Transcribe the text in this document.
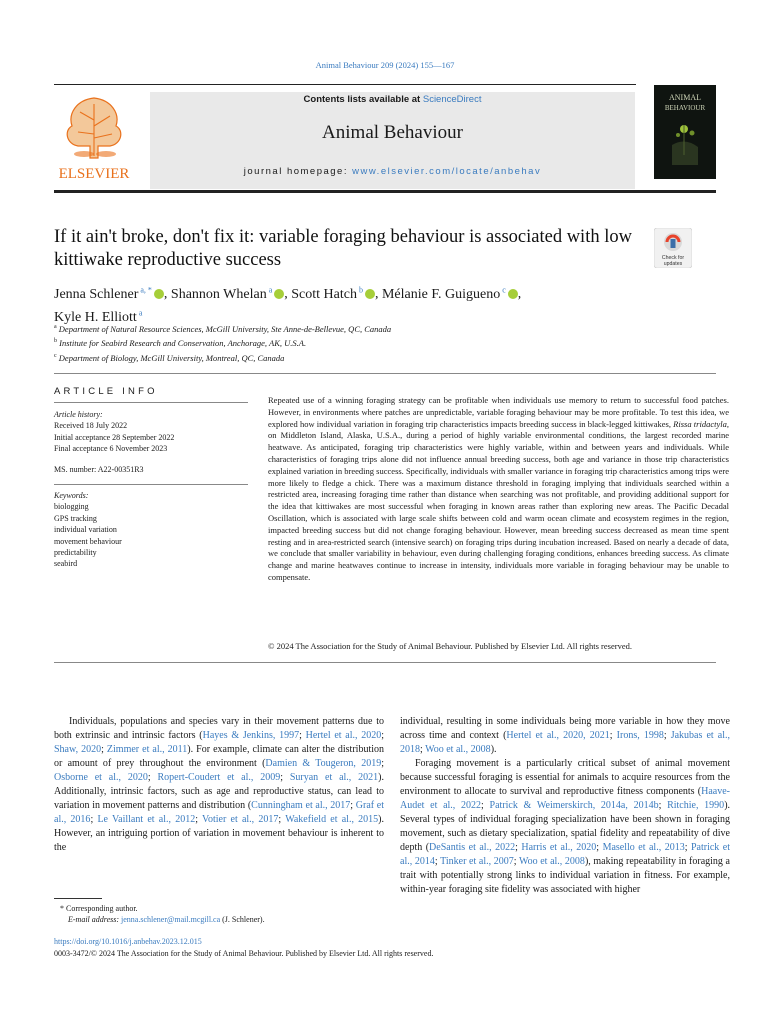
Animal Behaviour 209 (2024) 155—167
ELSEVIER
Contents lists available at ScienceDirect
Animal Behaviour
journal homepage: www.elsevier.com/locate/anbehav
ANIMAL
BEHAVIOUR
If it ain't broke, don't fix it: variable foraging behaviour is associated with low kittiwake reproductive success	Check for updates
Jenna Schlener $^{a, *}$ , Shannon Whelan $^a$ , Scott Hatch $^b$ , Mélanie F. Guigueno $^c$ ,
Kyle H. Elliott $^a$
$^a$ Department of Natural Resource Sciences, McGill University, Ste Anne-de-Bellevue, QC, Canada
$^b$ Institute for Seabird Research and Conservation, Anchorage, AK, U.S.A.
$^c$ Department of Biology, McGill University, Montreal, QC, Canada
ARTICLE INFO
Article history:
Received 18 July 2022
Initial acceptance 28 September 2022
Final acceptance 6 November 2023
MS. number: A22-00351R3
Keywords:
biologging
GPS tracking
individual variation
movement behaviour
predictability
seabird
Repeated use of a winning foraging strategy can be profitable when individuals use memory to return to successful food patches. However, in environments where patches are unpredictable, variable foraging behaviour may be more profitable. To test this idea, we explored how individual variation in foraging trip characteristics impacts breeding success in black-legged kittiwakes, Rissa tridactyla, on Middleton Island, Alaska, U.S.A., during a period of highly variable environmental conditions, the largest recorded marine heatwave. As anticipated, foraging trip characteristics were highly variable, within and between years and individuals. While characteristics of foraging trips alone did not influence annual breeding success, both age and variance in those trip characteristics explained variation in breeding success. Specifically, individuals with smaller variance in foraging trip characteristics among trips were more likely to fledge a chick. There was a maximum distance threshold in foraging implying that individuals searched within a restricted area, increasing foraging time rather than distance when searching was not profitable, and providing additional support for the idea that kittiwakes are most successful when foraging in known areas rather than exploring new areas. The Pacific Decadal Oscillation, which is associated with large scale shifts between cold and warm ocean climate and ecosystem regimes in the region, impacted breeding success but did not change foraging behaviour. However, mean breeding success decreased as mean time spent resting and in area-restricted search (intensive search) on foraging trips during incubation increased. Based on nearly a decade of data, we conclude that smaller variability in behaviour, even during challenging foraging conditions, enhances breeding success. As climate change and marine heatwaves continue to increase in intensity, individuals more variable in foraging behaviour may be unable to compensate.
© 2024 The Association for the Study of Animal Behaviour. Published by Elsevier Ltd. All rights reserved.

Individuals, populations and species vary in their movement patterns due to both extrinsic and intrinsic factors (Hayes & Jenkins, 1997; Hertel et al., 2020; Shaw, 2020; Zimmer et al., 2011). For example, climate can alter the distribution or amount of prey throughout the environment (Damien & Tougeron, 2019; Osborne et al., 2020; Ropert-Coudert et al., 2009; Suryan et al., 2021). Additionally, intrinsic factors, such as age and reproductive status, can lead to variation in movement patterns and distribution (Cunningham et al., 2017; Graf et al., 2016; Le Vaillant et al., 2012; Votier et al., 2017; Wakefield et al., 2015). However, an intriguing portion of variation in movement behaviour is inherent to the

individual, resulting in some individuals being more variable in how they move across time and context (Hertel et al., 2020, 2021; Irons, 1998; Jakubas et al., 2018; Woo et al., 2008).

Foraging movement is a particularly critical subset of animal movement because successful foraging is essential for animals to acquire resources from the environment to allocate to survival and reproductive fitness components (Haave-Audet et al., 2022; Patrick & Weimerskirch, 2014a, 2014b; Ritchie, 1990). Several types of individual foraging specialization have been shown in foraging movement, such as dietary specialization, spatial fidelity and repeatability of dive depth (DeSantis et al., 2022; Harris et al., 2020; Masello et al., 2013; Patrick et al., 2014; Tinker et al., 2007; Woo et al., 2008), making repeatability in foraging a trait with potentially strong links to individual variation in fitness. For example, within-year foraging site fidelity was associated with higher

* Corresponding author.
E-mail address: jenna.schlener@mail.mcgill.ca (J. Schlener).
https://doi.org/10.1016/j.anbehav.2023.12.015
0003-3472/© 2024 The Association for the Study of Animal Behaviour. Published by Elsevier Ltd. All rights reserved.
